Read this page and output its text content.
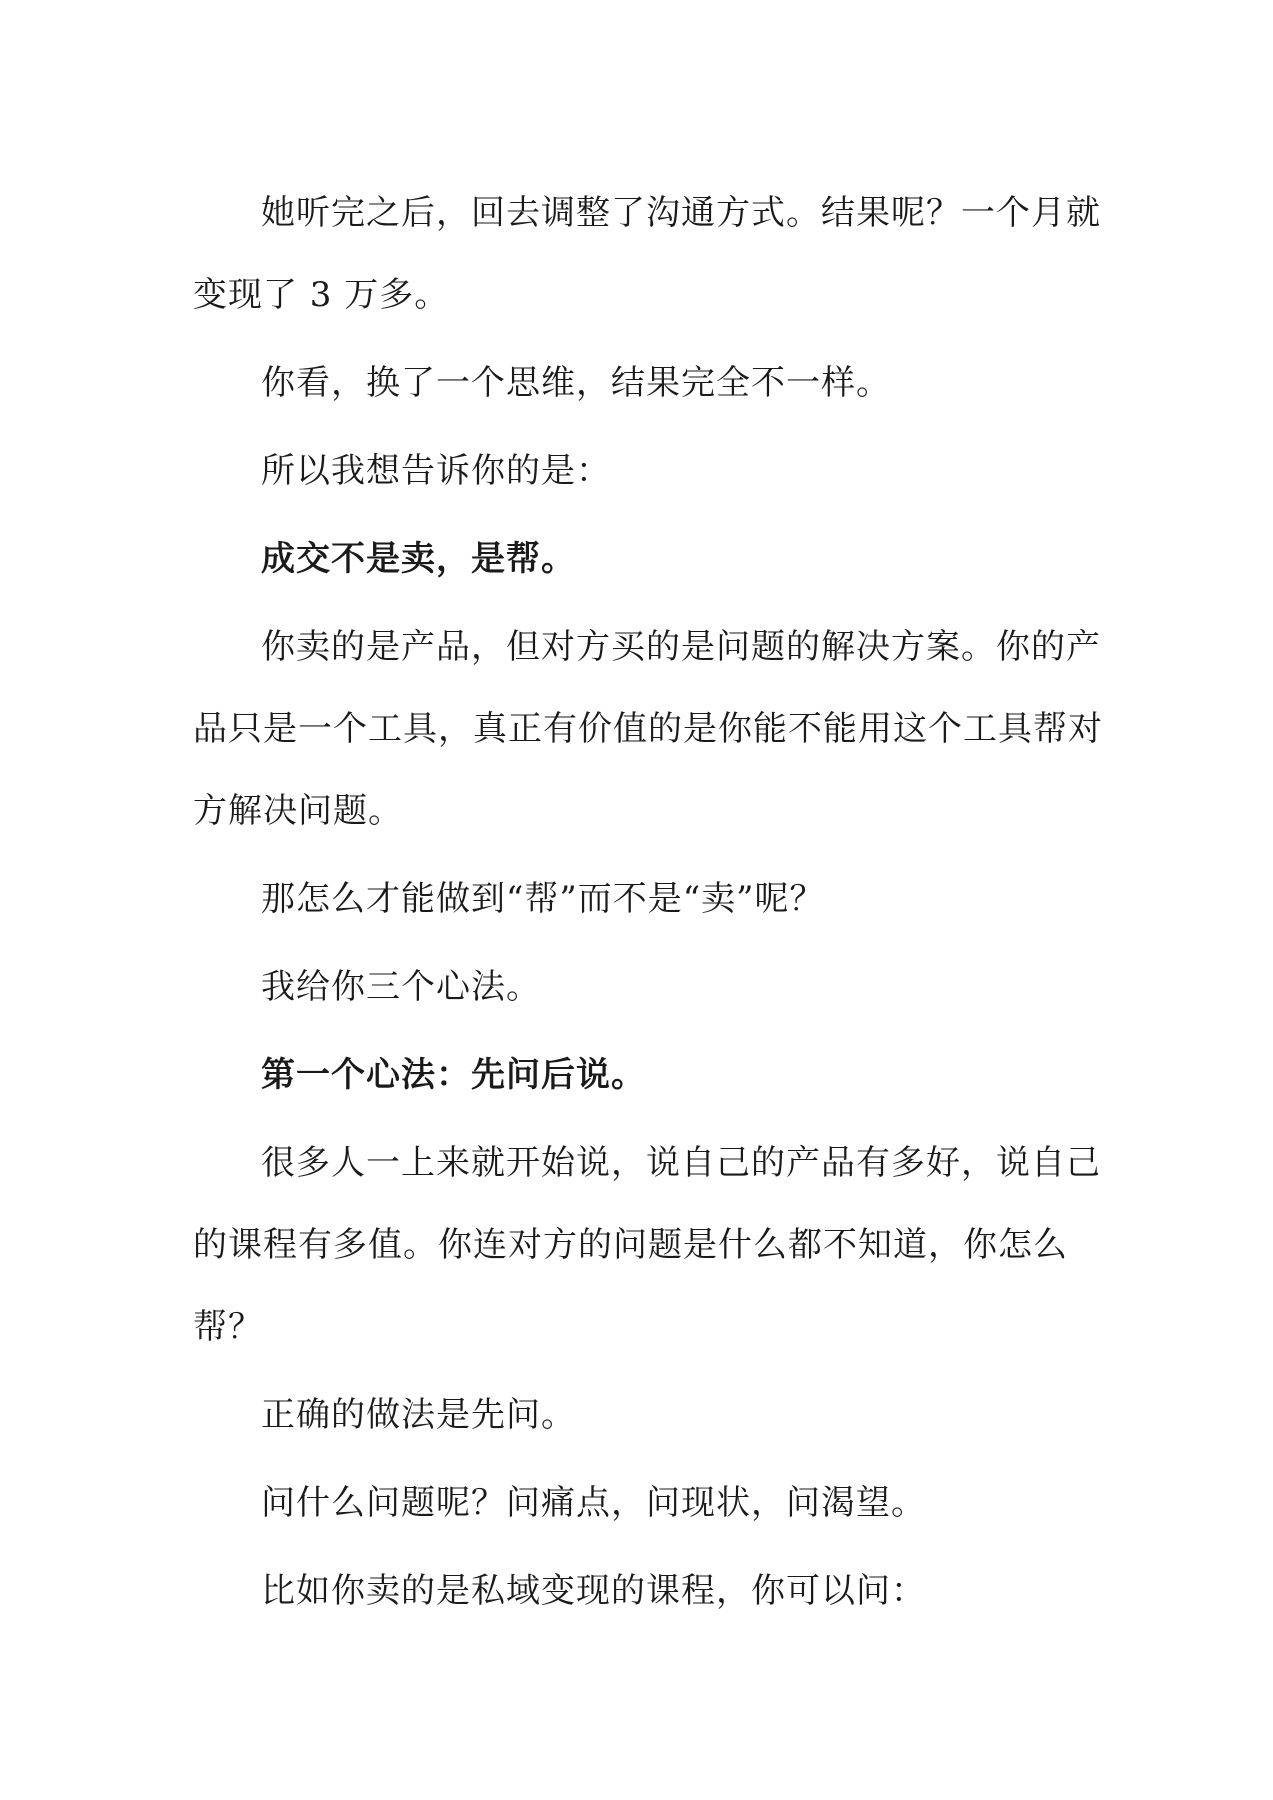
她听完之后，回去调整了沟通方式。结果呢？一个月就
变现了 3 万多。
你看，换了一个思维，结果完全不一样。
所以我想告诉你的是：
成交不是卖，是帮。
你卖的是产品，但对方买的是问题的解决方案。你的产
品只是一个工具，真正有价值的是你能不能用这个工具帮对
方解决问题。
那怎么才能做到“帮”而不是“卖”呢？
我给你三个心法。
第一个心法：先问后说。
很多人一上来就开始说，说自己的产品有多好，说自己
的课程有多值。你连对方的问题是什么都不知道，你怎么
帮？
正确的做法是先问。
问什么问题呢？问痛点，问现状，问渴望。
比如你卖的是私域变现的课程，你可以问：
